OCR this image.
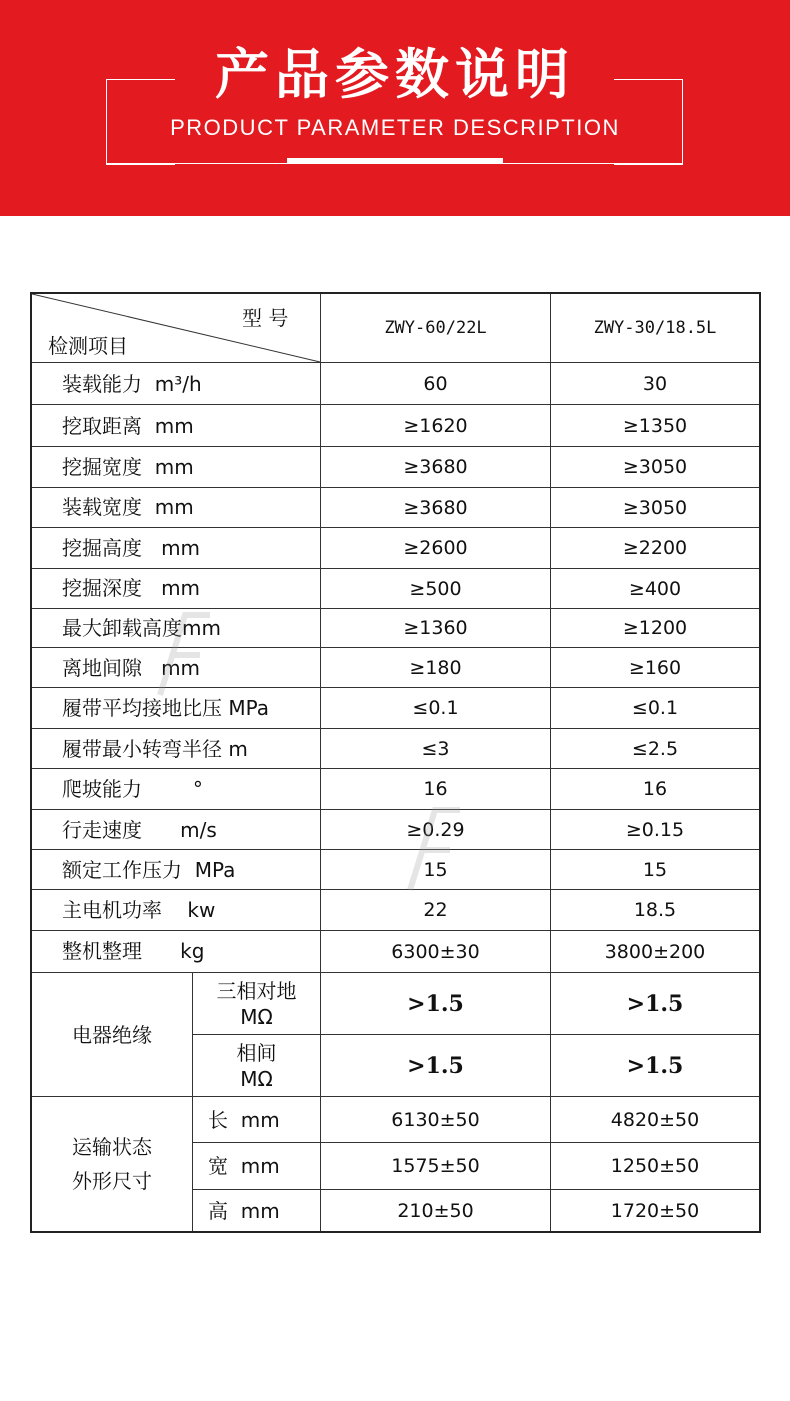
产品参数说明
PRODUCT PARAMETER DESCRIPTION
型 号
检测项目
ZWY-60/22L	ZWY-30/18.5L
装载能力  m³/h	60	30
挖取距离  mm	≥1620	≥1350
挖掘宽度  mm	≥3680	≥3050
装载宽度  mm	≥3680	≥3050
挖掘高度   mm	≥2600	≥2200
挖掘深度   mm	≥500	≥400
最大卸载高度mm	≥1360	≥1200
离地间隙   mm	≥180	≥160
履带平均接地比压 MPa	≤0.1	≤0.1
履带最小转弯半径 m	≤3	≤2.5
爬坡能力        °	16	16
行走速度      m/s	≥0.29	≥0.15
额定工作压力  MPa	15	15
主电机功率    kw	22	18.5
整机整理      kg	6300±30	3800±200
电器绝缘
三相对地
MΩ	>1.5	>1.5
相间
MΩ	>1.5	>1.5
运输状态
外形尺寸
长  mm	6130±50	4820±50
宽  mm	1575±50	1250±50
高  mm	210±50	1720±50
